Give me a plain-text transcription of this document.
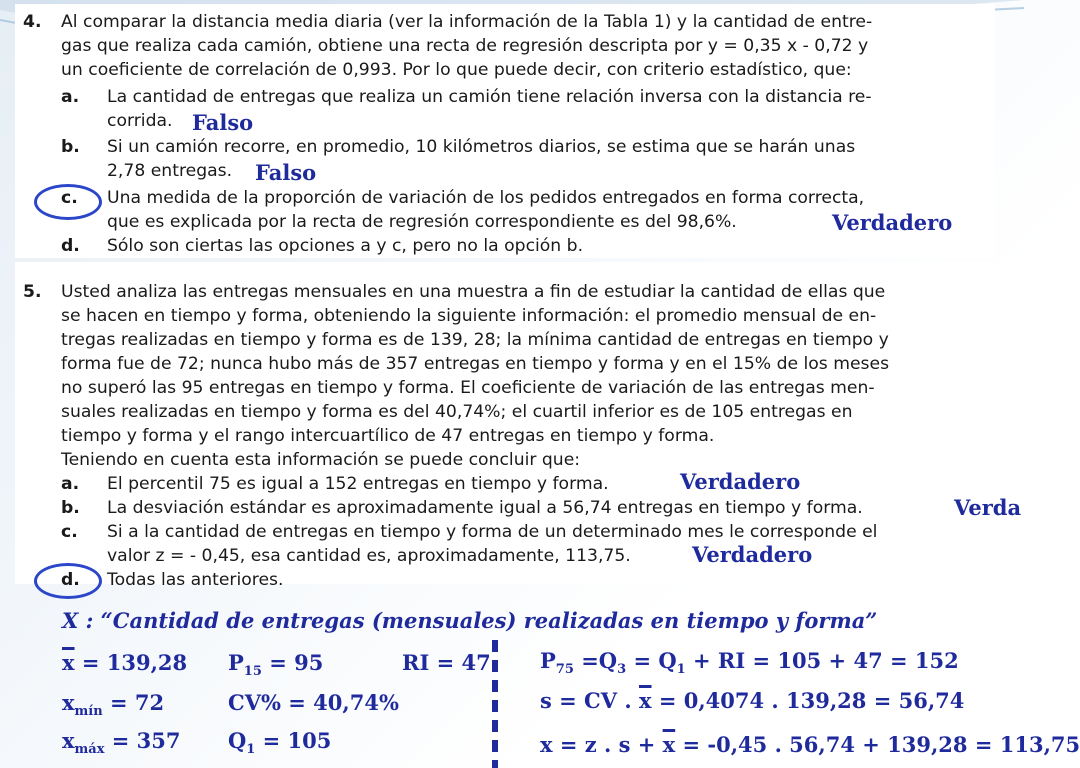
4. Al comparar la distancia media diaria (ver la información de la Tabla 1) y la cantidad de entre-
gas que realiza cada camión, obtiene una recta de regresión descripta por y = 0,35 x - 0,72 y
un coeficiente de correlación de 0,993. Por lo que puede decir, con criterio estadístico, que:
a. La cantidad de entregas que realiza un camión tiene relación inversa con la distancia re-
corrida.
b. Si un camión recorre, en promedio, 10 kilómetros diarios, se estima que se harán unas
2,78 entregas.
c. Una medida de la proporción de variación de los pedidos entregados en forma correcta,
que es explicada por la recta de regresión correspondiente es del 98,6%.
d. Sólo son ciertas las opciones a y c, pero no la opción b.
5. Usted analiza las entregas mensuales en una muestra a fin de estudiar la cantidad de ellas que
se hacen en tiempo y forma, obteniendo la siguiente información: el promedio mensual de en-
tregas realizadas en tiempo y forma es de 139, 28; la mínima cantidad de entregas en tiempo y
forma fue de 72; nunca hubo más de 357 entregas en tiempo y forma y en el 15% de los meses
no superó las 95 entregas en tiempo y forma. El coeficiente de variación de las entregas men-
suales realizadas en tiempo y forma es del 40,74%; el cuartil inferior es de 105 entregas en
tiempo y forma y el rango intercuartílico de 47 entregas en tiempo y forma.
Teniendo en cuenta esta información se puede concluir que:
a. El percentil 75 es igual a 152 entregas en tiempo y forma.
b. La desviación estándar es aproximadamente igual a 56,74 entregas en tiempo y forma.
c. Si a la cantidad de entregas en tiempo y forma de un determinado mes le corresponde el
valor z = - 0,45, esa cantidad es, aproximadamente, 113,75.
d. Todas las anteriores.
Falso
Falso
Verdadero
Verdadero
Verda
Verdadero
X : “Cantidad de entregas (mensuales) realizadas en tiempo y forma”
$\overline{x} = 139,28$
$x_{mín} = 72$
$x_{máx} = 357$
$P_{15} = 95$
CV% = 40,74%
$Q_1 = 105$
RI = 47 $P_{75} =Q_3 = Q_1$ + RI = 105 + 47 = 152
s = CV . $\overline{x} = 0,4074$ . 139,28 = 56,74
x = z . $s + \overline{x} = -0,45$ . 56,74 + 139,28 = 113,75
